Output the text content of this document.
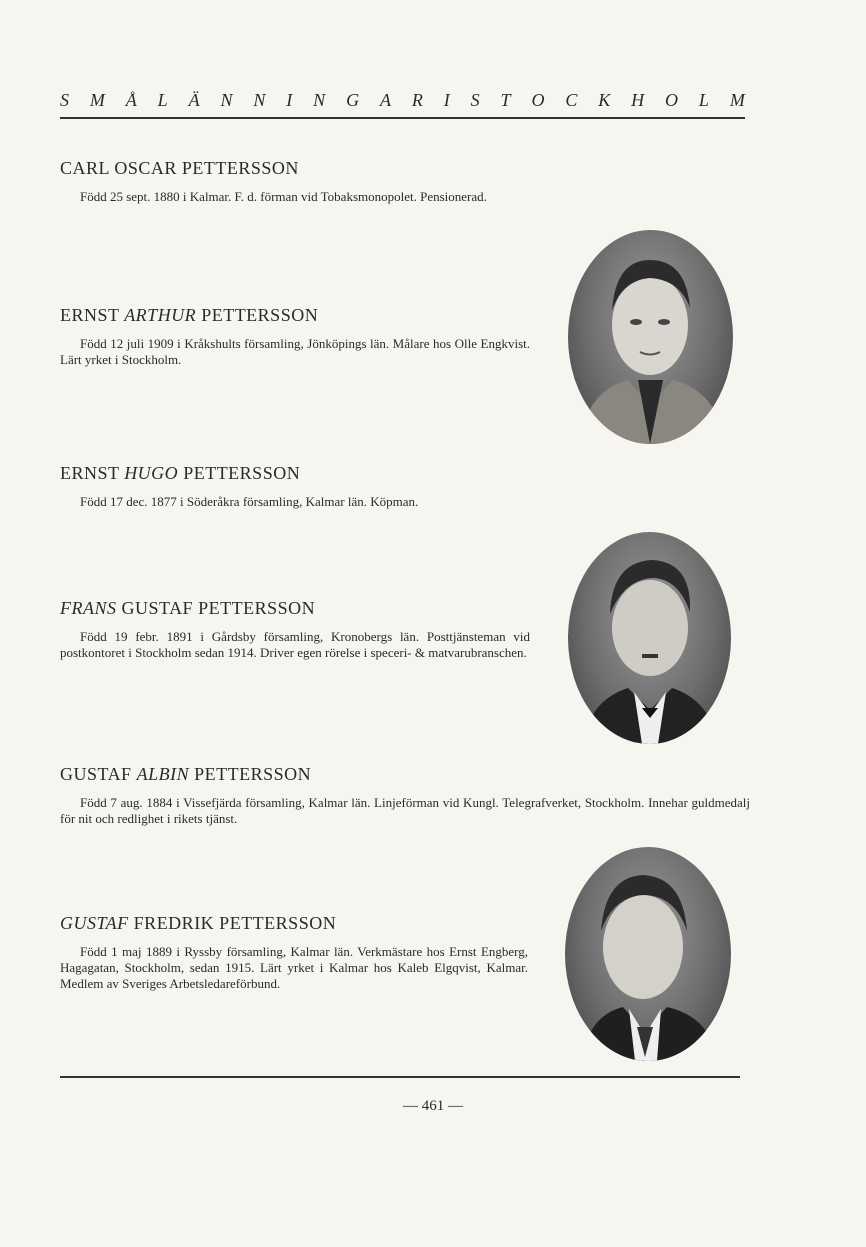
S M Å L Ä N N I N G A R I S T O C K H O L M

CARL OSCAR PETTERSSON

Född 25 sept. 1880 i Kalmar. F. d. förman vid Tobaksmonopolet. Pensionerad.

ERNST ARTHUR PETTERSSON

Född 12 juli 1909 i Kråkshults församling, Jönköpings län. Målare hos Olle Engkvist. Lärt yrket i Stockholm.

ERNST HUGO PETTERSSON

Född 17 dec. 1877 i Söderåkra församling, Kalmar län. Köpman.

FRANS GUSTAF PETTERSSON

Född 19 febr. 1891 i Gårdsby församling, Kronobergs län. Posttjänsteman vid postkontoret i Stockholm sedan 1914. Driver egen rörelse i speceri- & matvarubranschen.

GUSTAF ALBIN PETTERSSON

Född 7 aug. 1884 i Vissefjärda församling, Kalmar län. Linjeförman vid Kungl. Telegrafverket, Stockholm. Innehar guldmedalj för nit och redlighet i rikets tjänst.

GUSTAF FREDRIK PETTERSSON

Född 1 maj 1889 i Ryssby församling, Kalmar län. Verkmästare hos Ernst Engberg, Hagagatan, Stockholm, sedan 1915. Lärt yrket i Kalmar hos Kaleb Elgqvist, Kalmar. Medlem av Sveriges Arbetsledareförbund.

— 461 —
